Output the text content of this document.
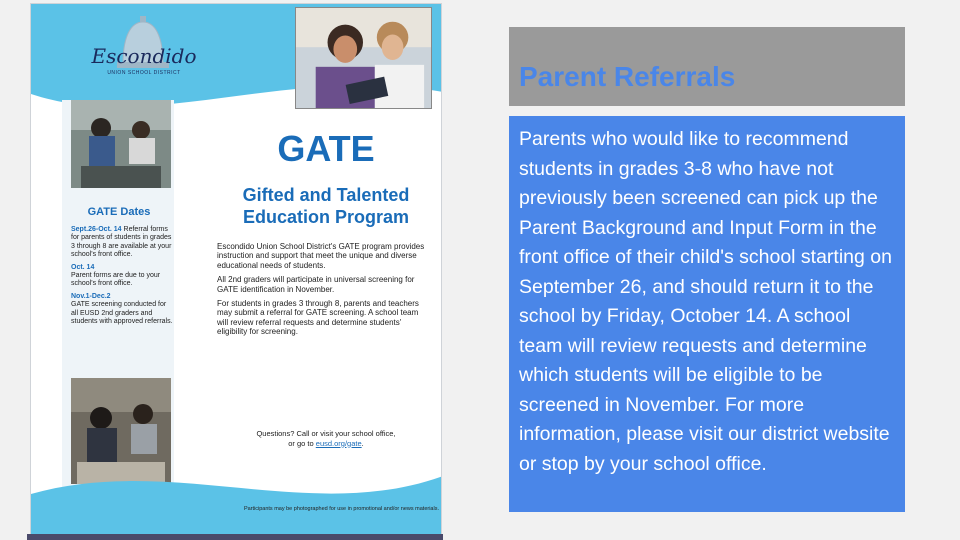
Escondido
UNION SCHOOL DISTRICT
GATE Dates
Sept.26-Oct. 14 Referral forms for parents of students in grades 3 through 8 are available at your school's front office.
Oct. 14
Parent forms are due to your school's front office.
Nov.1-Dec.2
GATE screening conducted for all EUSD 2nd graders and students with approved referrals.
GATE
Gifted and Talented Education Program

Escondido Union School District's GATE program provides instruction and support that meet the unique and diverse educational needs of students.

All 2nd graders will participate in universal screening for GATE identification in November.

For students in grades 3 through 8, parents and teachers may submit a referral for GATE screening. A school team will review referral requests and determine students' eligibility for screening.

Questions? Call or visit your school office,
or go to eusd.org/gate.
Participants may be photographed for use in promotional and/or news materials.
Parent Referrals
Parents who would like to recommend students in grades 3-8 who have not previously been screened can pick up the Parent Background and Input Form in the front office of their child's school starting on September 26, and should return it to the school by Friday, October 14. A school team will review requests and determine which students will be eligible to be screened in November. For more information, please visit our district website or stop by your school office.
